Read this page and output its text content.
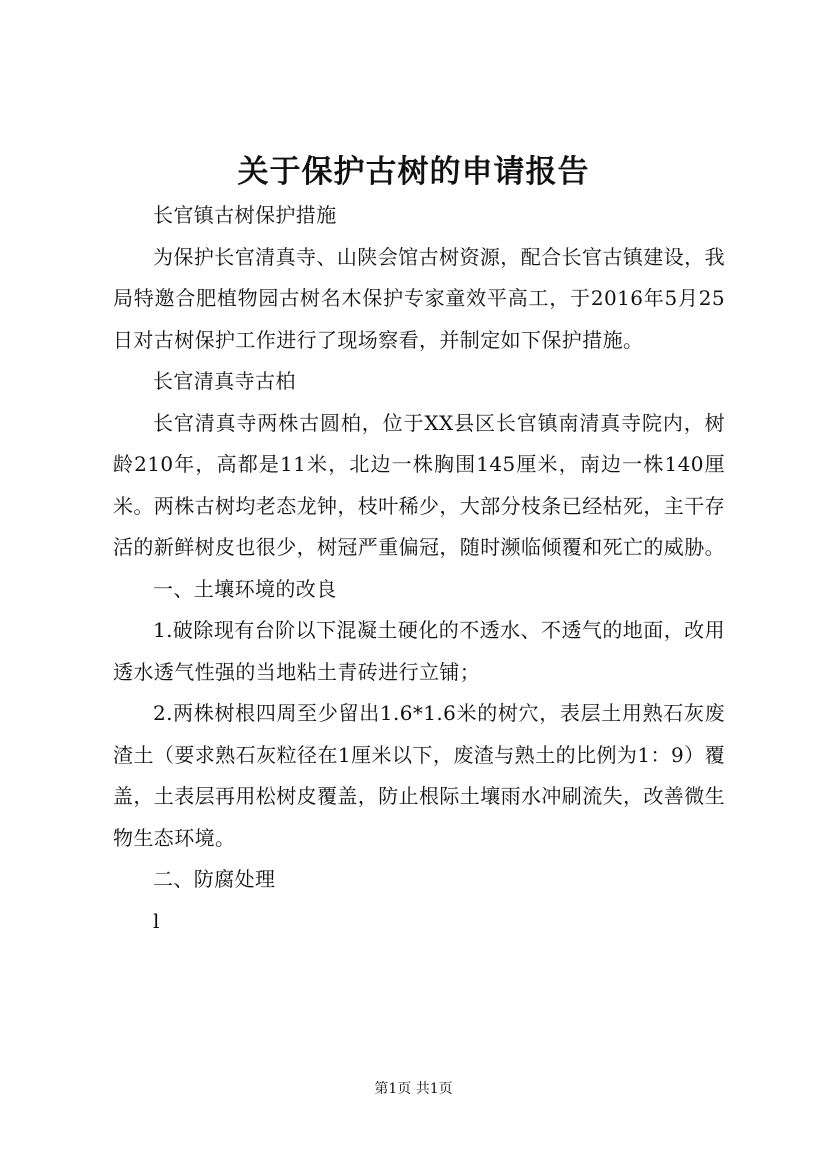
关于保护古树的申请报告

长官镇古树保护措施

为保护长官清真寺、山陕会馆古树资源，配合长官古镇建设，我局特邀合肥植物园古树名木保护专家童效平高工，于2016年5月25日对古树保护工作进行了现场察看，并制定如下保护措施。

长官清真寺古柏

长官清真寺两株古圆柏，位于XX县区长官镇南清真寺院内，树龄210年，高都是11米，北边一株胸围145厘米，南边一株140厘米。两株古树均老态龙钟，枝叶稀少，大部分枝条已经枯死，主干存活的新鲜树皮也很少，树冠严重偏冠，随时濒临倾覆和死亡的威胁。

一、土壤环境的改良

1.破除现有台阶以下混凝土硬化的不透水、不透气的地面，改用透水透气性强的当地粘土青砖进行立铺；

2.两株树根四周至少留出1.6*1.6米的树穴，表层土用熟石灰废渣土（要求熟石灰粒径在1厘米以下，废渣与熟土的比例为1：9）覆盖，土表层再用松树皮覆盖，防止根际土壤雨水冲刷流失，改善微生物生态环境。

二、防腐处理

l

第1页 共1页
